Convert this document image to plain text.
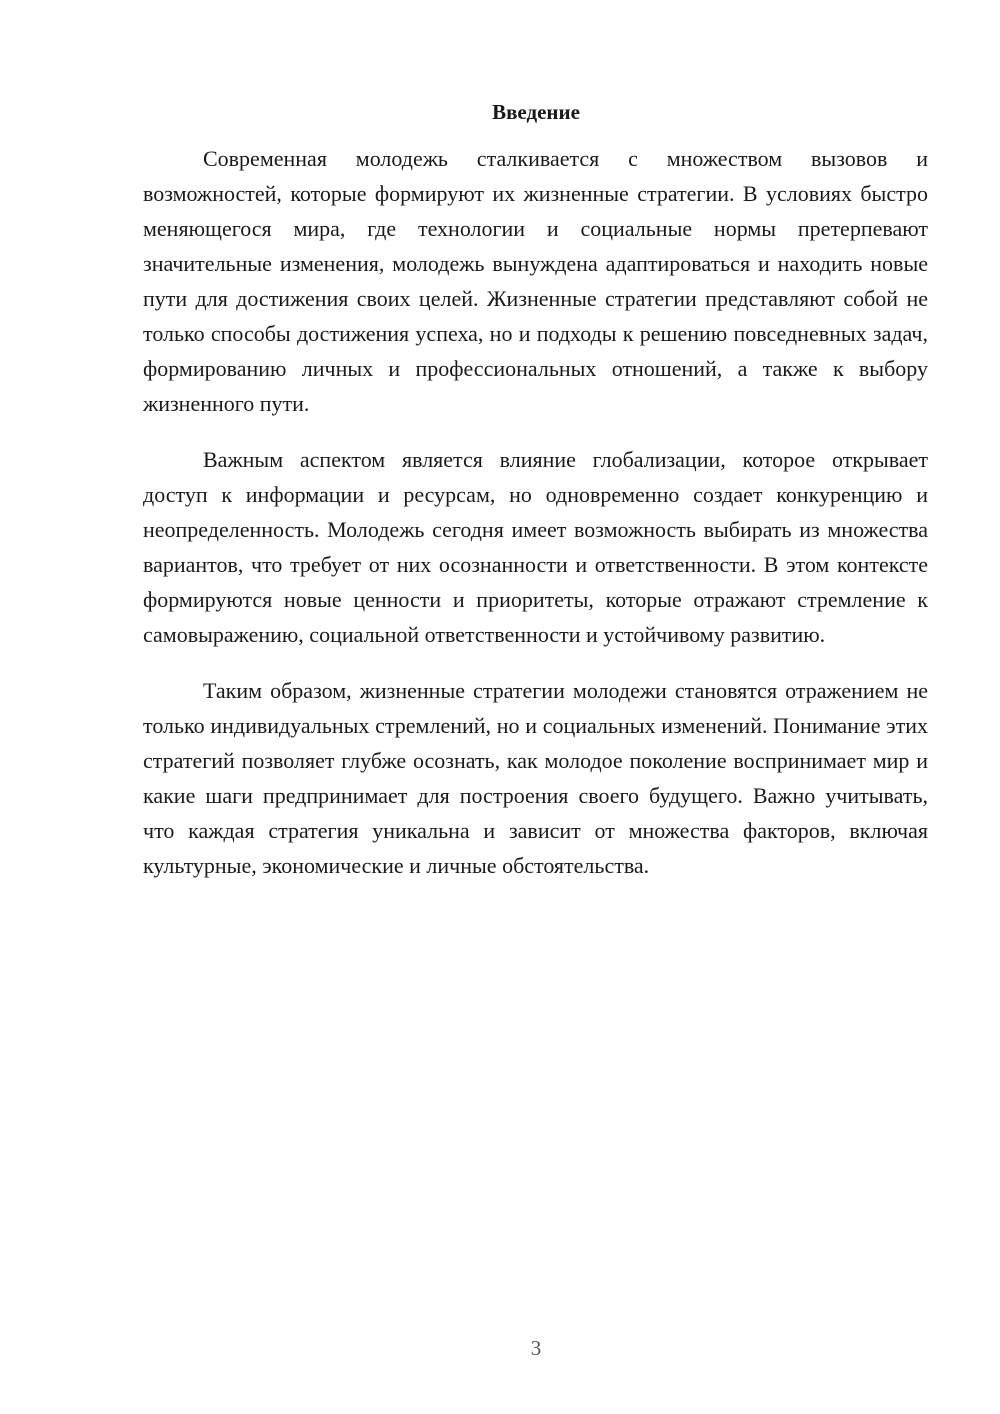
Введение

Современная молодежь сталкивается с множеством вызовов и возможностей, которые формируют их жизненные стратегии. В условиях быстро меняющегося мира, где технологии и социальные нормы претерпевают значительные изменения, молодежь вынуждена адаптироваться и находить новые пути для достижения своих целей. Жизненные стратегии представляют собой не только способы достижения успеха, но и подходы к решению повседневных задач, формированию личных и профессиональных отношений, а также к выбору жизненного пути.

Важным аспектом является влияние глобализации, которое открывает доступ к информации и ресурсам, но одновременно создает конкуренцию и неопределенность. Молодежь сегодня имеет возможность выбирать из множества вариантов, что требует от них осознанности и ответственности. В этом контексте формируются новые ценности и приоритеты, которые отражают стремление к самовыражению, социальной ответственности и устойчивому развитию.

Таким образом, жизненные стратегии молодежи становятся отражением не только индивидуальных стремлений, но и социальных изменений. Понимание этих стратегий позволяет глубже осознать, как молодое поколение воспринимает мир и какие шаги предпринимает для построения своего будущего. Важно учитывать, что каждая стратегия уникальна и зависит от множества факторов, включая культурные, экономические и личные обстоятельства.

3
